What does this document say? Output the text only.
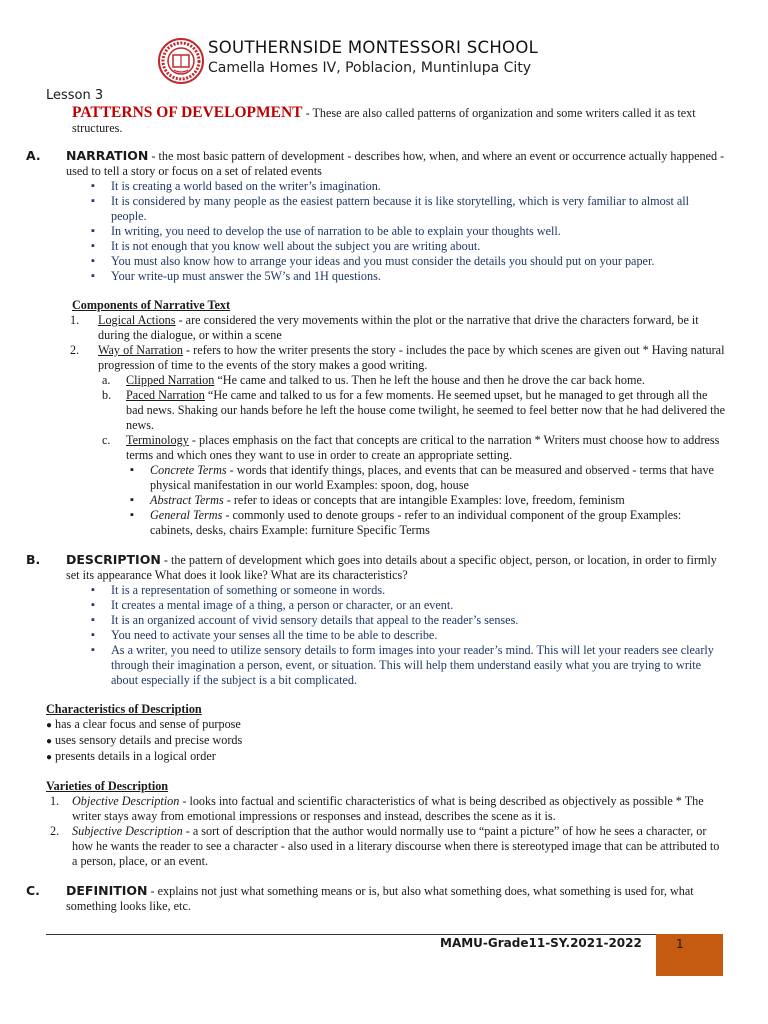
SOUTHERNSIDE MONTESSORI SCHOOL
Camella Homes IV, Poblacion, Muntinlupa City
Lesson 3
PATTERNS OF DEVELOPMENT - These are also called patterns of organization and some writers called it as text structures.
A. NARRATION - the most basic pattern of development - describes how, when, and where an event or occurrence actually happened - used to tell a story or focus on a set of related events
▪ It is creating a world based on the writer’s imagination.
▪ It is considered by many people as the easiest pattern because it is like storytelling, which is very familiar to almost all people.
▪ In writing, you need to develop the use of narration to be able to explain your thoughts well.
▪ It is not enough that you know well about the subject you are writing about.
▪ You must also know how to arrange your ideas and you must consider the details you should put on your paper.
▪ Your write-up must answer the 5W’s and 1H questions.
Components of Narrative Text
1. Logical Actions - are considered the very movements within the plot or the narrative that drive the characters forward, be it during the dialogue, or within a scene
2. Way of Narration - refers to how the writer presents the story - includes the pace by which scenes are given out * Having natural progression of time to the events of the story makes a good writing.
a. Clipped Narration “He came and talked to us. Then he left the house and then he drove the car back home.
b. Paced Narration “He came and talked to us for a few moments. He seemed upset, but he managed to get through all the bad news. Shaking our hands before he left the house come twilight, he seemed to feel better now that he had delivered the news.
c. Terminology - places emphasis on the fact that concepts are critical to the narration * Writers must choose how to address terms and which ones they want to use in order to create an appropriate setting.
▪ Concrete Terms - words that identify things, places, and events that can be measured and observed - terms that have physical manifestation in our world Examples: spoon, dog, house
▪ Abstract Terms - refer to ideas or concepts that are intangible Examples: love, freedom, feminism
▪ General Terms - commonly used to denote groups - refer to an individual component of the group Examples: cabinets, desks, chairs Example: furniture Specific Terms
B. DESCRIPTION - the pattern of development which goes into details about a specific object, person, or location, in order to firmly set its appearance What does it look like? What are its characteristics?
▪ It is a representation of something or someone in words.
▪ It creates a mental image of a thing, a person or character, or an event.
▪ It is an organized account of vivid sensory details that appeal to the reader’s senses.
▪ You need to activate your senses all the time to be able to describe.
▪ As a writer, you need to utilize sensory details to form images into your reader’s mind. This will let your readers see clearly through their imagination a person, event, or situation. This will help them understand easily what you are trying to write about especially if the subject is a bit complicated.
Characteristics of Description
● has a clear focus and sense of purpose
● uses sensory details and precise words
● presents details in a logical order
Varieties of Description
1. Objective Description - looks into factual and scientific characteristics of what is being described as objectively as possible * The writer stays away from emotional impressions or responses and instead, describes the scene as it is.
2. Subjective Description - a sort of description that the author would normally use to “paint a picture” of how he sees a character, or how he wants the reader to see a character - also used in a literary discourse when there is stereotyped image that can be attributed to a person, place, or an event.
C. DEFINITION - explains not just what something means or is, but also what something does, what something is used for, what something looks like, etc.
MAMU-Grade11-SY.2021-2022	1
